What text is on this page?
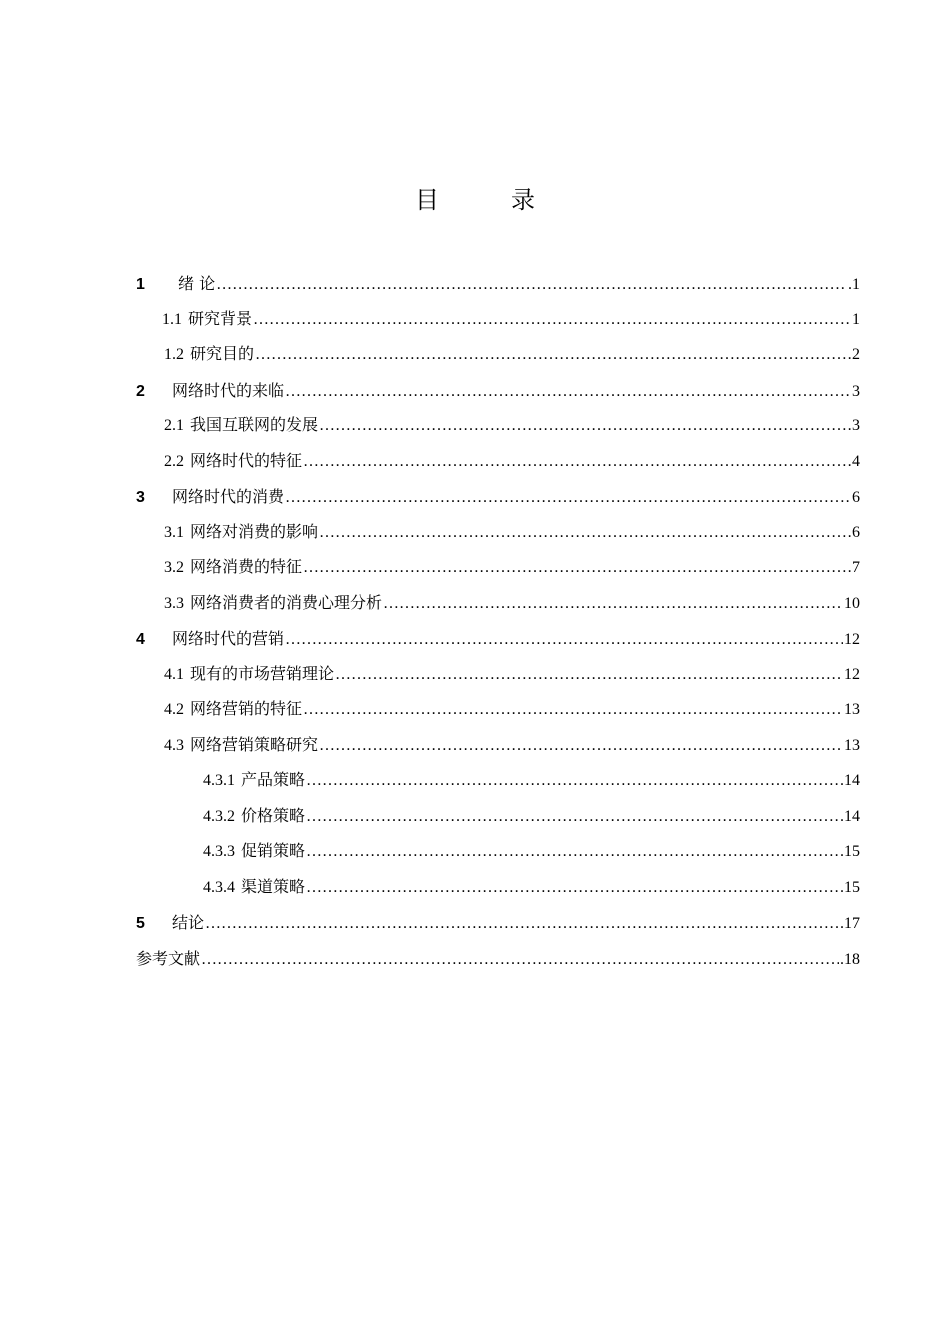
目　录
1	绪 论 …………………………………………………………………………………………………………………………………………………………………………………………………………………………………………………………………………	.1
1.1 研究背景 …………………………………………………………………………………………………………………………………………………………………………………………………………………………………………………………………………	1
1.2 研究目的 …………………………………………………………………………………………………………………………………………………………………………………………………………………………………………………………………………	2
2	网络时代的来临 …………………………………………………………………………………………………………………………………………………………………………………………………………………………………………………………………………	3
2.1 我国互联网的发展 …………………………………………………………………………………………………………………………………………………………………………………………………………………………………………………………………………	3
2.2 网络时代的特征 …………………………………………………………………………………………………………………………………………………………………………………………………………………………………………………………………………	4
3	网络时代的消费 …………………………………………………………………………………………………………………………………………………………………………………………………………………………………………………………………………	6
3.1 网络对消费的影响 …………………………………………………………………………………………………………………………………………………………………………………………………………………………………………………………………………	6
3.2 网络消费的特征 …………………………………………………………………………………………………………………………………………………………………………………………………………………………………………………………………………	7
3.3 网络消费者的消费心理分析 …………………………………………………………………………………………………………………………………………………………………………………………………………………………………………………………………………	10
4	网络时代的营销 …………………………………………………………………………………………………………………………………………………………………………………………………………………………………………………………………………	12
4.1 现有的市场营销理论 …………………………………………………………………………………………………………………………………………………………………………………………………………………………………………………………………………	12
4.2 网络营销的特征 …………………………………………………………………………………………………………………………………………………………………………………………………………………………………………………………………………	13
4.3 网络营销策略研究 …………………………………………………………………………………………………………………………………………………………………………………………………………………………………………………………………………	13
4.3.1 产品策略 …………………………………………………………………………………………………………………………………………………………………………………………………………………………………………………………………………	14
4.3.2 价格策略 …………………………………………………………………………………………………………………………………………………………………………………………………………………………………………………………………………	14
4.3.3 促销策略 …………………………………………………………………………………………………………………………………………………………………………………………………………………………………………………………………………	15
4.3.4 渠道策略 …………………………………………………………………………………………………………………………………………………………………………………………………………………………………………………………………………	15
5	结论 …………………………………………………………………………………………………………………………………………………………………………………………………………………………………………………………………………	.17
参考文献 …………………………………………………………………………………………………………………………………………………………………………………………………………………………………………………………………………	.18
